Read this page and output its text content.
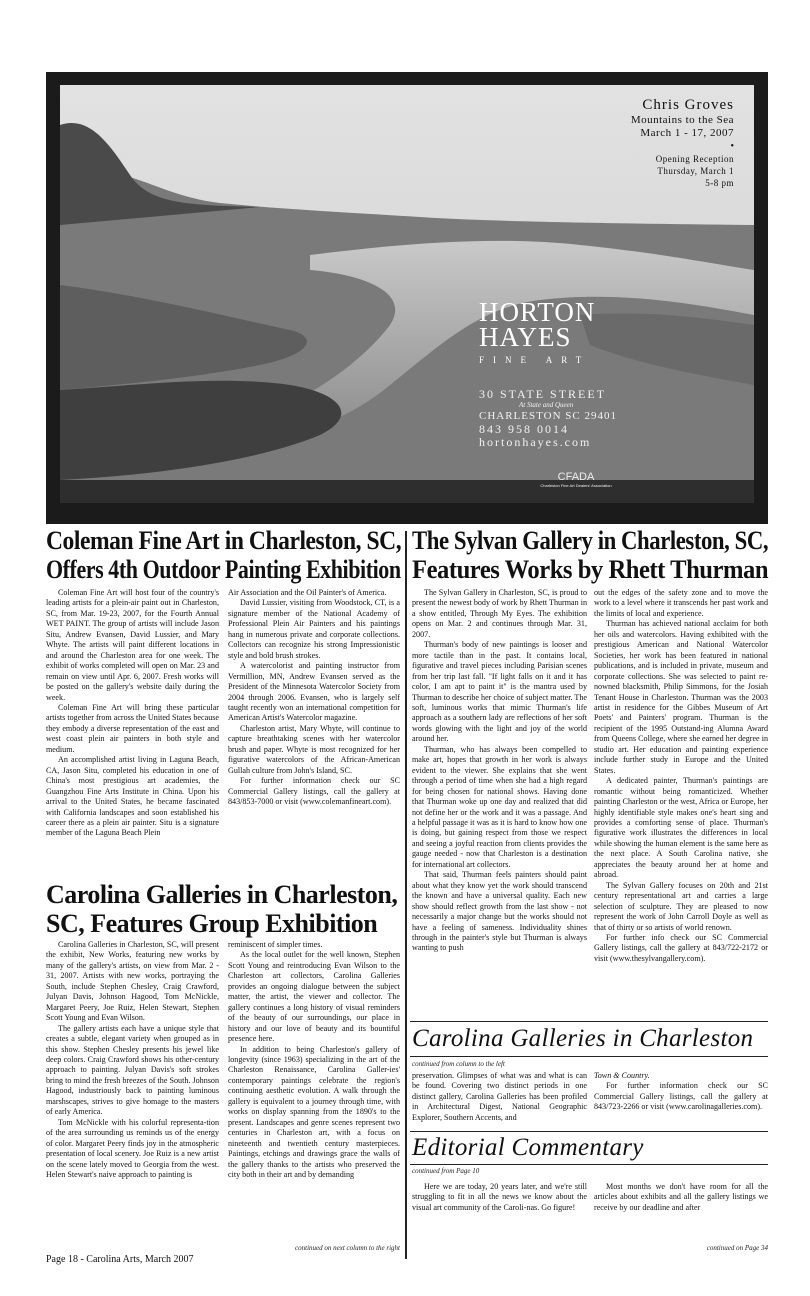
Chris Groves
Mountains to the Sea
March 1 - 17, 2007
•
Opening Reception
Thursday, March 1
5-8 pm
HORTON
HAYES
FINE ART
30 STATE STREET
At State and Queen
CHARLESTON SC 29401
843 958 0014
hortonhayes.com
CFADA
Charleston Fine Art Dealers' Association
Coleman Fine Art in Charleston, SC,
Offers 4th Outdoor Painting Exhibition

Coleman Fine Art will host four of the country's leading artists for a plein-air paint out in Charleston, SC, from Mar. 19-23, 2007, for the Fourth Annual WET PAINT. The group of artists will include Jason Situ, Andrew Evansen, David Lussier, and Mary Whyte. The artists will paint different locations in and around the Charleston area for one week. The exhibit of works completed will open on Mar. 23 and remain on view until Apr. 6, 2007. Fresh works will be posted on the gallery's website daily during the week.

Coleman Fine Art will bring these particular artists together from across the United States because they embody a diverse representation of the east and west coast plein air painters in both style and medium.

An accomplished artist living in Laguna Beach, CA, Jason Situ, completed his education in one of China's most prestigious art academies, the Guangzhou Fine Arts Institute in China. Upon his arrival to the United States, he became fascinated with California landscapes and soon established his career there as a plein air painter. Situ is a signature member of the Laguna Beach Plein

Air Association and the Oil Painter's of America.

David Lussier, visiting from Woodstock, CT, is a signature member of the National Academy of Professional Plein Air Painters and his paintings hang in numerous private and corporate collections. Collectors can recognize his strong Impressionistic style and bold brush strokes.

A watercolorist and painting instructor from Vermillion, MN, Andrew Evansen served as the President of the Minnesota Watercolor Society from 2004 through 2006. Evansen, who is largely self taught recently won an international competition for American Artist's Watercolor magazine.

Charleston artist, Mary Whyte, will continue to capture breathtaking scenes with her watercolor brush and paper. Whyte is most recognized for her figurative watercolors of the African-American Gullah culture from John's Island, SC.

For further information check our SC Commercial Gallery listings, call the gallery at 843/853-7000 or visit (www.colemanfineart.com).

Carolina Galleries in Charleston,
SC, Features Group Exhibition

Carolina Galleries in Charleston, SC, will present the exhibit, New Works, featuring new works by many of the gallery's artists, on view from Mar. 2 - 31, 2007. Artists with new works, portraying the South, include Stephen Chesley, Craig Crawford, Julyan Davis, Johnson Hagood, Tom McNickle, Margaret Peery, Joe Ruiz, Helen Stewart, Stephen Scott Young and Evan Wilson.

The gallery artists each have a unique style that creates a subtle, elegant variety when grouped as in this show. Stephen Chesley presents his jewel like deep colors. Craig Crawford shows his other-century approach to painting. Julyan Davis's soft strokes bring to mind the fresh breezes of the South. Johnson Hagood, industriously back to painting luminous marshscapes, strives to give homage to the masters of early America.

Tom McNickle with his colorful representa-tion of the area surrounding us reminds us of the energy of color. Margaret Peery finds joy in the atmospheric presentation of local scenery. Joe Ruiz is a new artist on the scene lately moved to Georgia from the west. Helen Stewart's naive approach to painting is

reminiscent of simpler times.

As the local outlet for the well known, Stephen Scott Young and reintroducing Evan Wilson to the Charleston art collectors, Carolina Galleries provides an ongoing dialogue between the subject matter, the artist, the viewer and collector. The gallery continues a long history of visual reminders of the beauty of our surroundings, our place in history and our love of beauty and its bountiful presence here.

In addition to being Charleston's gallery of longevity (since 1963) specializing in the art of the Charleston Renaissance, Carolina Galler-ies' contemporary paintings celebrate the region's continuing aesthetic evolution. A walk through the gallery is equivalent to a journey through time, with works on display spanning from the 1890's to the present. Landscapes and genre scenes represent two centuries in Charleston art, with a focus on nineteenth and twentieth century masterpieces. Paintings, etchings and drawings grace the walls of the gallery thanks to the artists who preserved the city both in their art and by demanding

continued on next column to the right
The Sylvan Gallery in Charleston, SC,
Features Works by Rhett Thurman

The Sylvan Gallery in Charleston, SC, is proud to present the newest body of work by Rhett Thurman in a show entitled, Through My Eyes. The exhibition opens on Mar. 2 and continues through Mar. 31, 2007.

Thurman's body of new paintings is looser and more tactile than in the past. It contains local, figurative and travel pieces including Parisian scenes from her trip last fall. "If light falls on it and it has color, I am apt to paint it" is the mantra used by Thurman to describe her choice of subject matter. The soft, luminous works that mimic Thurman's life approach as a southern lady are reflections of her soft words glowing with the light and joy of the world around her.

Thurman, who has always been compelled to make art, hopes that growth in her work is always evident to the viewer. She explains that she went through a period of time when she had a high regard for being chosen for national shows. Having done that Thurman woke up one day and realized that did not define her or the work and it was a passage. And a helpful passage it was as it is hard to know how one is doing, but gaining respect from those we respect and seeing a joyful reaction from clients provides the gauge needed - now that Charleston is a destination for international art collectors.

That said, Thurman feels painters should paint about what they know yet the work should transcend the known and have a universal quality. Each new show should reflect growth from the last show - not necessarily a major change but the works should not have a feeling of sameness. Individuality shines through in the painter's style but Thurman is always wanting to push

out the edges of the safety zone and to move the work to a level where it transcends her past work and the limits of local and experience.

Thurman has achieved national acclaim for both her oils and watercolors. Having exhibited with the prestigious American and National Watercolor Societies, her work has been featured in national publications, and is included in private, museum and corporate collections. She was selected to paint re-nowned blacksmith, Philip Simmons, for the Josiah Tenant House in Charleston. Thurman was the 2003 artist in residence for the Gibbes Museum of Art Poets' and Painters' program. Thurman is the recipient of the 1995 Outstand-ing Alumna Award from Queens College, where she earned her degree in studio art. Her education and painting experience include further study in Europe and the United States.

A dedicated painter, Thurman's paintings are romantic without being romanticized. Whether painting Charleston or the west, Africa or Europe, her highly identifiable style makes one's heart sing and provides a comforting sense of place. Thurman's figurative work illustrates the differences in local while showing the human element is the same here as the next place. A South Carolina native, she appreciates the beauty around her at home and abroad.

The Sylvan Gallery focuses on 20th and 21st century representational art and carries a large selection of sculpture. They are pleased to now represent the work of John Carroll Doyle as well as that of thirty or so artists of world renown.

For further info check our SC Commercial Gallery listings, call the gallery at 843/722-2172 or visit (www.thesylvangallery.com).

Carolina Galleries in Charleston
continued from column to the left

preservation. Glimpses of what was and what is can be found. Covering two distinct periods in one distinct gallery, Carolina Galleries has been profiled in Architectural Digest, National Geographic Explorer, Southern Accents, and

Town & Country.

For further information check our SC Commercial Gallery listings, call the gallery at 843/723-2266 or visit (www.carolinagalleries.com).

Editorial Commentary
continued from Page 10

Here we are today, 20 years later, and we're still struggling to fit in all the news we know about the visual art community of the Caroli-nas. Go figure!

Most months we don't have room for all the articles about exhibits and all the gallery listings we receive by our deadline and after

continued on Page 34
Page 18 - Carolina Arts, March 2007
